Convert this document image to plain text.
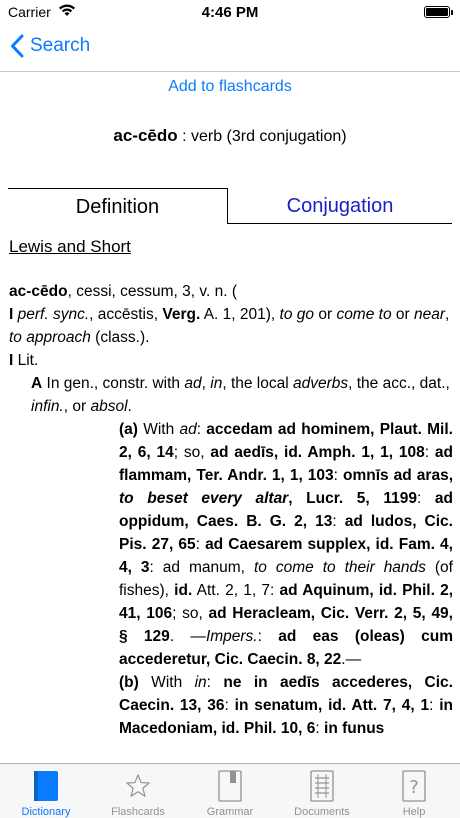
Carrier	4:46 PM
Search
Add to flashcards
ac-cēdo : verb (3rd conjugation)
Definition	Conjugation
Lewis and Short

ac-cēdo, cessi, cessum, 3, v. n. (

I perf. sync., accēstis, Verg. A. 1, 201), to go or come to or near, to approach (class.).

I Lit.

A In gen., constr. with ad, in, the local adverbs, the acc., dat., infin., or absol.

(a) With ad: accedam ad hominem, Plaut. Mil. 2, 6, 14; so, ad aedīs, id. Amph. 1, 1, 108: ad flammam, Ter. Andr. 1, 1, 103: omnīs ad aras, to beset every altar, Lucr. 5, 1199: ad oppidum, Caes. B. G. 2, 13: ad ludos, Cic. Pis. 27, 65: ad Caesarem supplex, id. Fam. 4, 4, 3: ad manum, to come to their hands (of fishes), id. Att. 2, 1, 7: ad Aquinum, id. Phil. 2, 41, 106; so, ad Heracleam, Cic. Verr. 2, 5, 49, § 129. —Impers.: ad eas (oleas) cum accederetur, Cic. Caecin. 8, 22.—

(b) With in: ne in aedīs accederes, Cic. Caecin. 13, 36: in senatum, id. Att. 7, 4, 1: in Macedoniam, id. Phil. 10, 6: in funus

Dictionary	Flashcards	Grammar	Documents
?
Help
